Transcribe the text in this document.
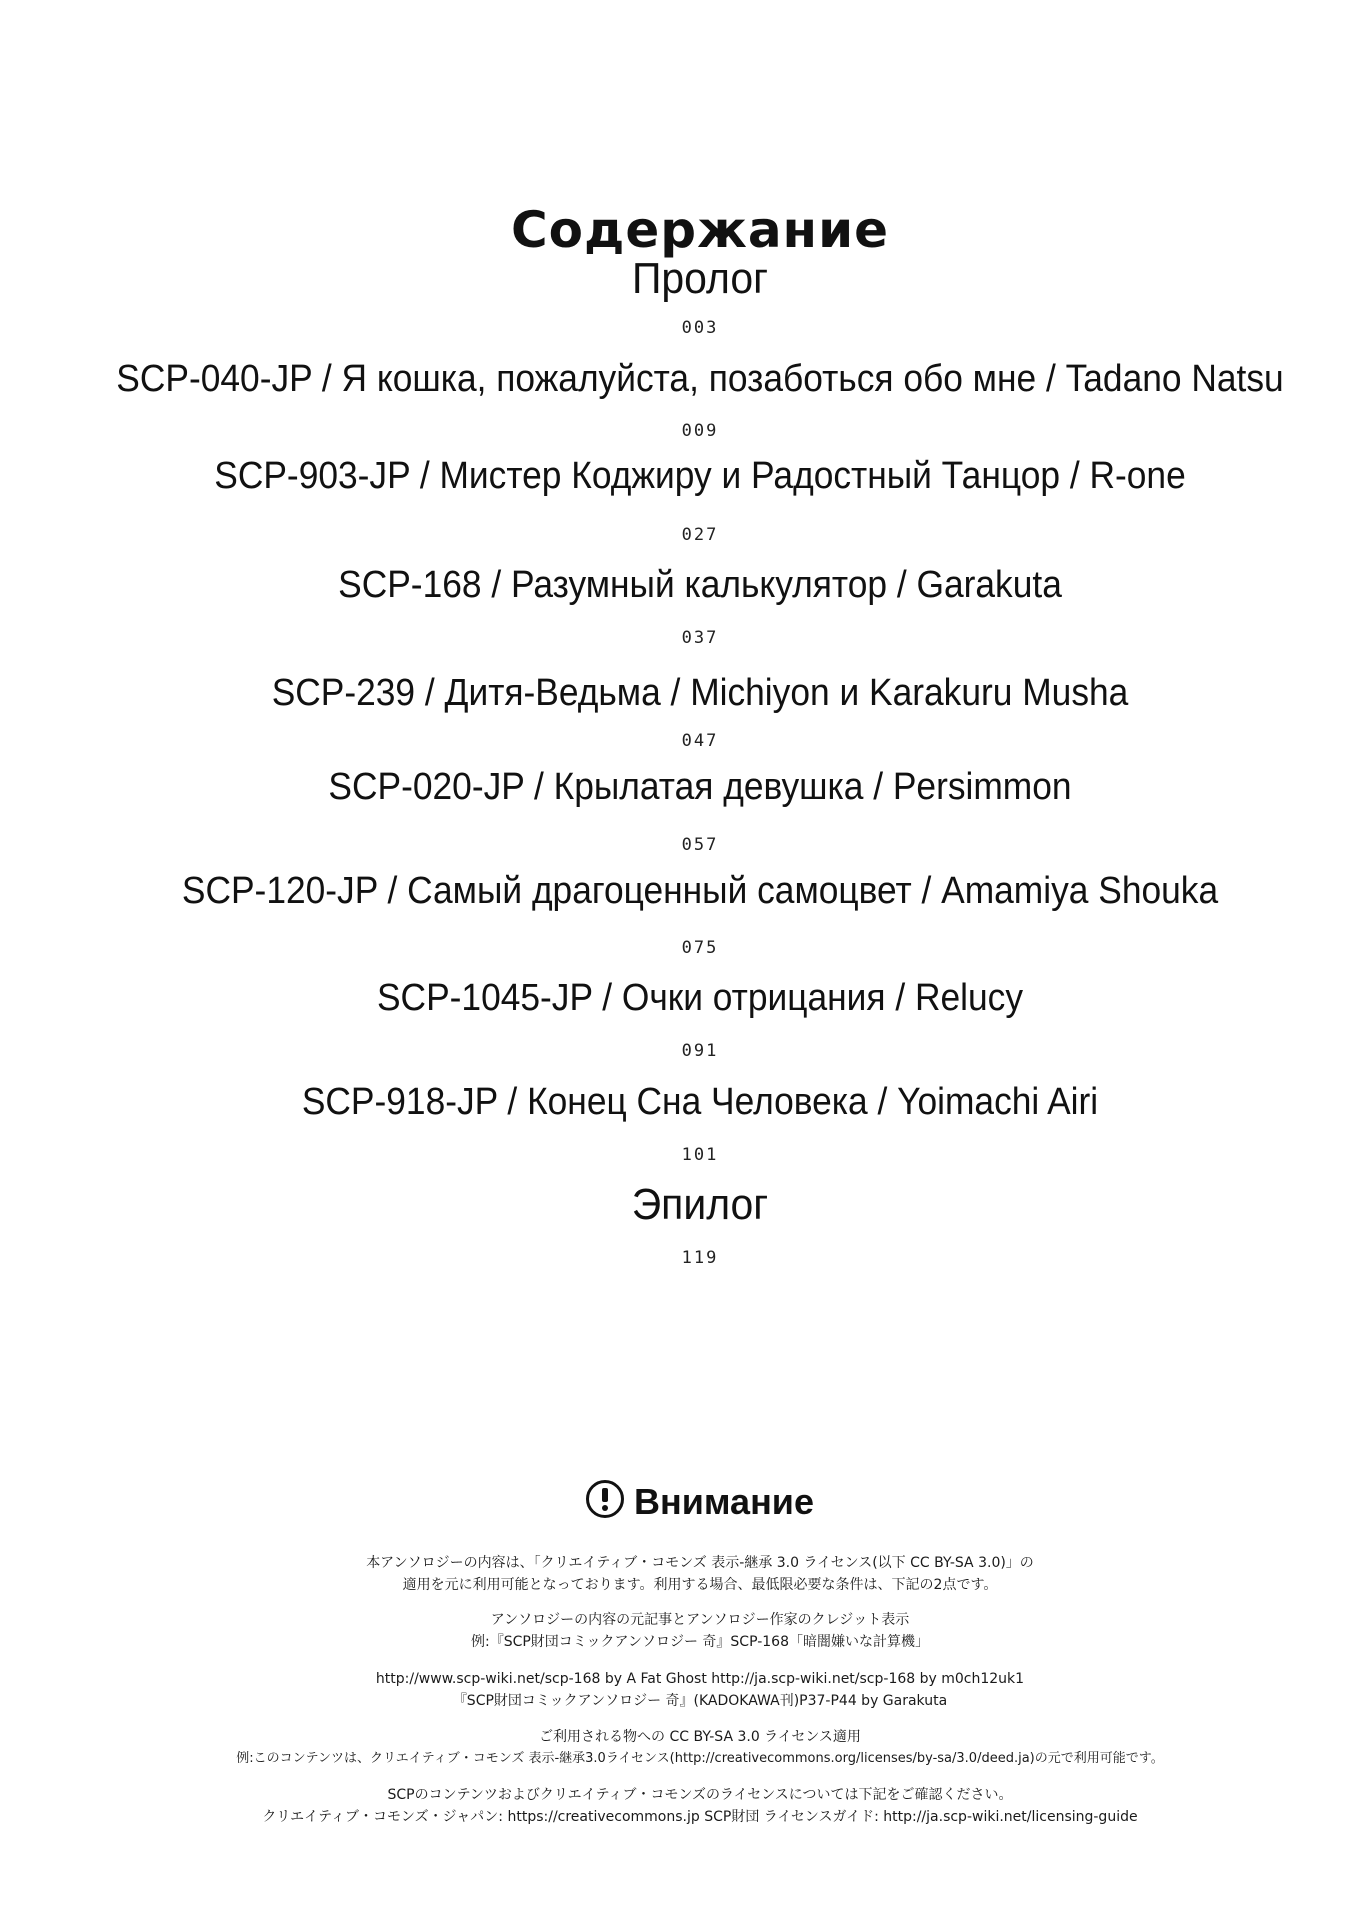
Содержание
Пролог
003
SCP-040-JP / Я кошка, пожалуйста, позаботься обо мне / Tadano Natsu
009
SCP-903-JP / Мистер Коджиру и Радостный Танцор / R-one
027
SCP-168 / Разумный калькулятор / Garakuta
037
SCP-239 / Дитя-Ведьма / Michiyon и Karakuru Musha
047
SCP-020-JP / Крылатая девушка / Persimmon
057
SCP-120-JP / Самый драгоценный самоцвет / Amamiya Shouka
075
SCP-1045-JP / Очки отрицания / Relucy
091
SCP-918-JP / Конец Сна Человека / Yoimachi Airi
101
Эпилог
119
Внимание
本アンソロジーの内容は、「クリエイティブ・コモンズ 表示-継承 3.0 ライセンス(以下 CC BY-SA 3.0)」の
適用を元に利用可能となっております。利用する場合、最低限必要な条件は、下記の2点です。
アンソロジーの内容の元記事とアンソロジー作家のクレジット表示
例:『SCP財団コミックアンソロジー 奇』SCP-168「暗闇嫌いな計算機」
http://www.scp-wiki.net/scp-168 by A Fat Ghost http://ja.scp-wiki.net/scp-168 by m0ch12uk1
『SCP財団コミックアンソロジー 奇』(KADOKAWA刊)P37-P44 by Garakuta
ご利用される物への CC BY-SA 3.0 ライセンス適用
例:このコンテンツは、クリエイティブ・コモンズ 表示-継承3.0ライセンス(http://creativecommons.org/licenses/by-sa/3.0/deed.ja)の元で利用可能です。
SCPのコンテンツおよびクリエイティブ・コモンズのライセンスについては下記をご確認ください。
クリエイティブ・コモンズ・ジャパン: https://creativecommons.jp SCP財団 ライセンスガイド: http://ja.scp-wiki.net/licensing-guide
